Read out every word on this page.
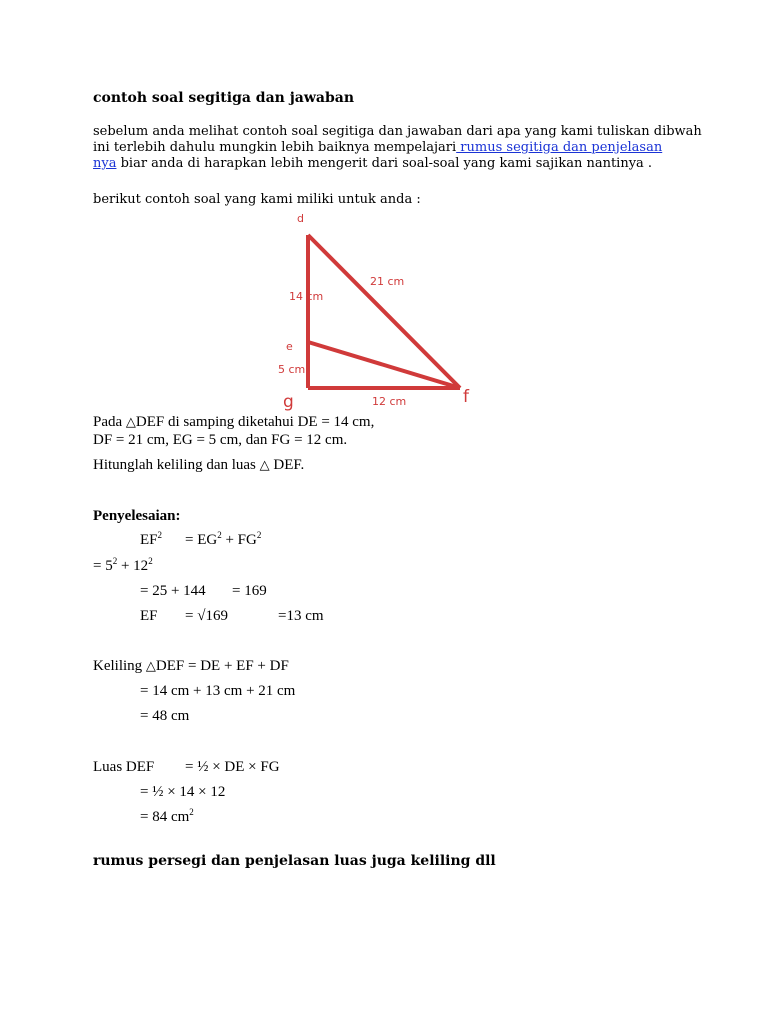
contoh soal segitiga dan jawaban
sebelum anda melihat contoh soal segitiga dan jawaban dari apa yang kami tuliskan dibwah
ini terlebih dahulu mungkin lebih baiknya mempelajari rumus segitiga dan penjelasan
nya biar anda di harapkan lebih mengerit dari soal-soal yang kami sajikan nantinya .
berikut contoh soal yang kami miliki untuk anda :
d
e
g	f
14 cm
21 cm
5 cm
12 cm
Pada △DEF di samping diketahui DE = 14 cm,
DF = 21 cm, EG = 5 cm, dan FG = 12 cm.
Hitunglah keliling dan luas △ DEF.
Penyelesaian:
$EF^2 = EG^2 + FG^2$
= $5^2 + 12^2$
= 25 + 144 = 169
EF = √169	=13 cm
Keliling △DEF = DE + EF + DF
= 14 cm + 13 cm + 21 cm
= 48 cm
Luas DEF = ½ × DE × FG
= ½ × 14 × 12
= 84 $cm^2$
rumus persegi dan penjelasan luas juga keliling dll
